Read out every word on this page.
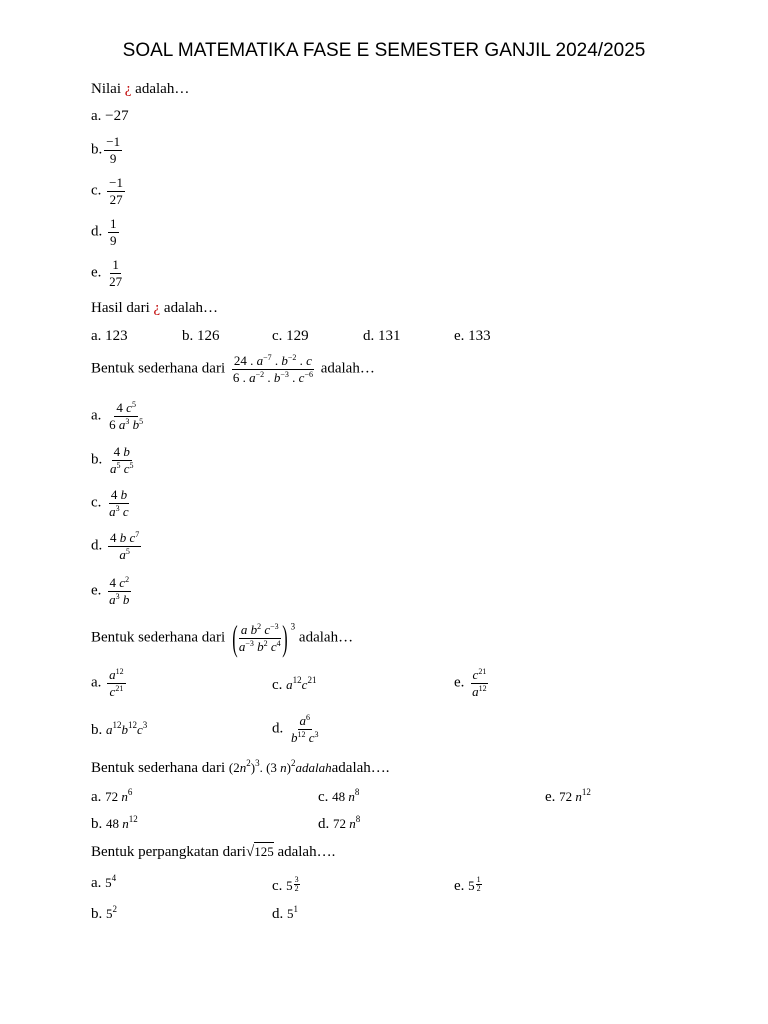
SOAL MATEMATIKA FASE E SEMESTER GANJIL 2024/2025
Nilai ¿ adalah…
a. −27
b. $\frac{-1}{9}$
c. $\frac{-1}{27}$
d. $\frac{1}{9}$
e. $\frac{1}{27}$
Hasil dari ¿ adalah…
a. 123	b. 126	c. 129	d. 131	e. 133
Bentuk sederhana dari $\frac{24 . a^{-7} . b^{-2} . c}{6 . a^{-2} . b^{-3} . c^{-6}}$ adalah…
a. $\frac{4 c^5}{6 a^3 b^5}$
b. $\frac{4 b}{a^5 c^5}$
c. $\frac{4 b}{a^3 c}$
d. $\frac{4 b c^7}{a^5}$
e. $\frac{4 c^2}{a^3 b}$
Bentuk sederhana dari ( $\frac{a b^2 c^{-3}}{a^{-3} b^2 c^4}$ ) $^3$ adalah…
a. $\frac{a^{12}}{c^{21}}$	c. $a^{12}c^{21}$	e. $\frac{c^{21}}{a^{12}}$
b. $a^{12}b^{12}c^3$	d. $\frac{a^6}{b^{12} c^3}$
Bentuk sederhana dari $(2n^2)^3$. (3 n)$^2$adalahadalah….
a. 72 $n^6$	c. 48 $n^8$	e. 72 $n^{12}$
b. 48 $n^{12}$	d. 72 $n^8$
Bentuk perpangkatan dari√125 adalah….
a. $5^4$	c. $5 \frac{3}{2}$	e. $5 \frac{1}{2}$
b. $5^2$	d. $5^1$
